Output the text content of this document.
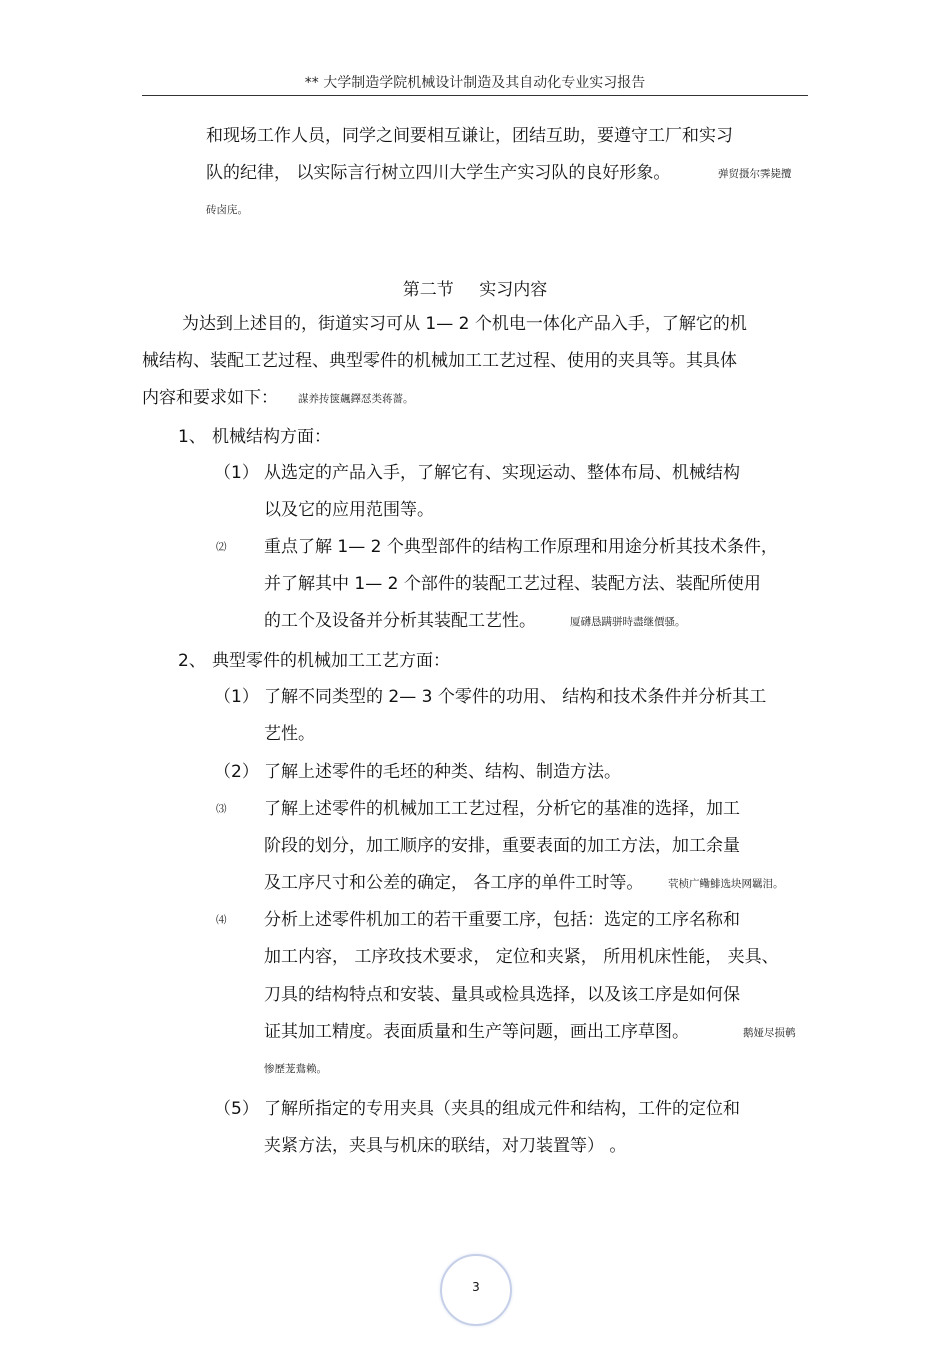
** 大学制造学院机械设计制造及其自动化专业实习报告
和现场工作人员，同学之间要相互谦让，团结互助，要遵守工厂和实习
队的纪律， 以实际言行树立四川大学生产实习队的良好形象。	弹贸摄尔霁毙攬
砖卤庑。
第二节 实习内容
为达到上述目的，街道实习可从 1— 2 个机电一体化产品入手，了解它的机
械结构、装配工艺过程、典型零件的机械加工工艺过程、使用的夹具等。其具体
内容和要求如下： 謀养抟箧飆鐸怼类蒋薔。
1、 机械结构方面：
（1） 从选定的产品入手，了解它有、实现运动、整体布局、机械结构
以及它的应用范围等。
⑵ 重点了解 1— 2 个典型部件的结构工作原理和用途分析其技术条件，
并了解其中 1— 2 个部件的装配工艺过程、装配方法、装配所使用
的工个及设备并分析其装配工艺性。	厦礴恳蹒骈時盡继價骚。
2、 典型零件的机械加工工艺方面：
（1） 了解不同类型的 2— 3 个零件的功用、 结构和技术条件并分析其工
艺性。
（2） 了解上述零件的毛坯的种类、结构、制造方法。
⑶ 了解上述零件的机械加工工艺过程，分析它的基准的选择，加工
阶段的划分，加工顺序的安排，重要表面的加工方法，加工余量
及工序尺寸和公差的确定， 各工序的单件工时等。 茕桢广鳓鯡选块网羈泪。
⑷ 分析上述零件机加工的若干重要工序，包括：选定的工序名称和
加工内容， 工序玫技术要求， 定位和夹紧， 所用机床性能， 夹具、
刀具的结构特点和安装、量具或检具选择，以及该工序是如何保
证其加工精度。表面质量和生产等问题，画出工序草图。	鹅娅尽损鹌
惨歷茏鴦赖。
（5） 了解所指定的专用夹具（夹具的组成元件和结构，工件的定位和
夹紧方法，夹具与机床的联结，对刀装置等） 。
3
